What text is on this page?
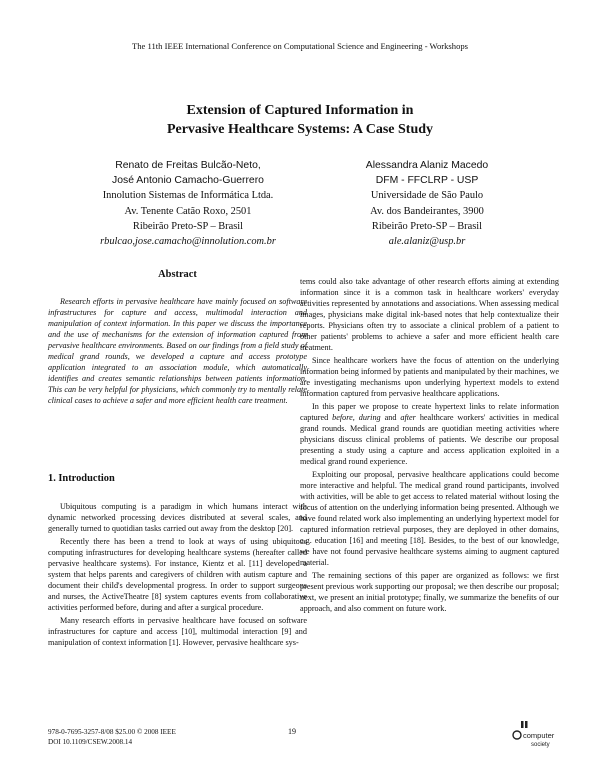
The 11th IEEE International Conference on Computational Science and Engineering - Workshops
Extension of Captured Information in
Pervasive Healthcare Systems: A Case Study
Renato de Freitas Bulcão-Neto,
José Antonio Camacho-Guerrero
Innolution Sistemas de Informática Ltda.
Av. Tenente Catão Roxo, 2501
Ribeirão Preto-SP – Brasil
rbulcao,jose.camacho@innolution.com.br
Alessandra Alaniz Macedo
DFM - FFCLRP - USP
Universidade de São Paulo
Av. dos Bandeirantes, 3900
Ribeirão Preto-SP – Brasil
ale.alaniz@usp.br
Abstract

Research efforts in pervasive healthcare have mainly focused on software infrastructures for capture and access, multimodal interaction and manipulation of context information. In this paper we discuss the importance and the use of mechanisms for the extension of information captured from pervasive healthcare environments. Based on our findings from a field study of medical grand rounds, we developed a capture and access prototype application integrated to an association module, which automatically identifies and creates semantic relationships between patients information. This can be very helpful for physicians, which commonly try to mentally relate clinical cases to achieve a safer and more efficient health care treatment.

1. Introduction

Ubiquitous computing is a paradigm in which humans interact with dynamic networked processing devices distributed at several scales, and generally turned to quotidian tasks carried out away from the desktop [20].

Recently there has been a trend to look at ways of using ubiquitous computing infrastructures for developing healthcare systems (hereafter called pervasive healthcare systems). For instance, Kientz et al. [11] developed a system that helps parents and caregivers of children with autism capture and document their child's developmental progress. In order to support surgeons and nurses, the ActiveTheatre [8] system captures events from collaborative activities performed before, during and after a surgical procedure.

Many research efforts in pervasive healthcare have focused on software infrastructures for capture and access [10], multimodal interaction [9] and manipulation of context information [1]. However, pervasive healthcare sys-

tems could also take advantage of other research efforts aiming at extending information since it is a common task in healthcare workers' everyday activities represented by annotations and associations. When assessing medical images, physicians make digital ink-based notes that help contextualize their reports. Physicians often try to associate a clinical problem of a patient to other patients' problems to achieve a safer and more efficient health care treatment.

Since healthcare workers have the focus of attention on the underlying information being informed by patients and manipulated by their machines, we are investigating mechanisms upon underlying hypertext models to extend information captured from pervasive healthcare applications.

In this paper we propose to create hypertext links to relate information captured before, during and after healthcare workers' activities in medical grand rounds. Medical grand rounds are quotidian meeting activities where physicians discuss clinical problems of patients. We describe our proposal presenting a study using a capture and access application exploited in a medical grand round experience.

Exploiting our proposal, pervasive healthcare applications could become more interactive and helpful. The medical grand round participants, involved with activities, will be able to get access to related material without losing the focus of attention on the underlying information being presented. Although we have found related work also implementing an underlying hypertext model for captured information retrieval purposes, they are deployed in other domains, e.g. education [16] and meeting [18]. Besides, to the best of our knowledge, we have not found pervasive healthcare systems aiming to augment captured material.

The remaining sections of this paper are organized as follows: we first present previous work supporting our proposal; we then describe our proposal; next, we present an initial prototype; finally, we summarize the benefits of our approach, and also comment on future work.

978-0-7695-3257-8/08 $25.00 © 2008 IEEE
DOI 10.1109/CSEW.2008.14
19	computer
society
